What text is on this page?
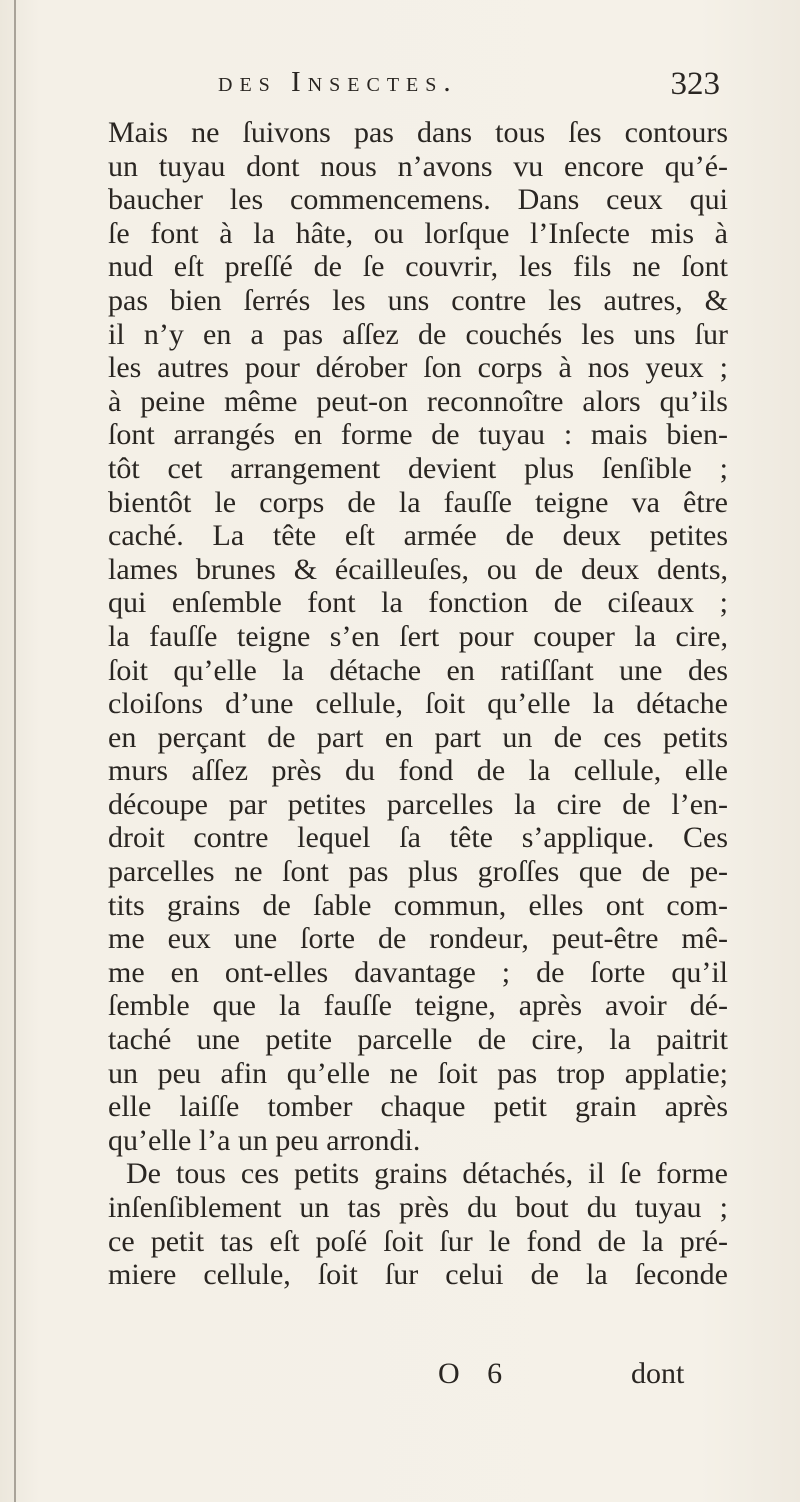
des Insectes.	323
Mais ne ſuivons pas dans tous ſes contours
un tuyau dont nous n’avons vu encore qu’é-
baucher les commencemens. Dans ceux qui
ſe font à la hâte, ou lorſque l’Inſecte mis à
nud eſt preſſé de ſe couvrir, les fils ne ſont
pas bien ſerrés les uns contre les autres, &
il n’y en a pas aſſez de couchés les uns ſur
les autres pour dérober ſon corps à nos yeux ;
à peine même peut-on reconnoître alors qu’ils
ſont arrangés en forme de tuyau : mais bien-
tôt cet arrangement devient plus ſenſible ;
bientôt le corps de la fauſſe teigne va être
caché. La tête eſt armée de deux petites
lames brunes & écailleuſes, ou de deux dents,
qui enſemble font la fonction de ciſeaux ;
la fauſſe teigne s’en ſert pour couper la cire,
ſoit qu’elle la détache en ratiſſant une des
cloiſons d’une cellule, ſoit qu’elle la détache
en perçant de part en part un de ces petits
murs aſſez près du fond de la cellule, elle
découpe par petites parcelles la cire de l’en-
droit contre lequel ſa tête s’applique. Ces
parcelles ne ſont pas plus groſſes que de pe-
tits grains de ſable commun, elles ont com-
me eux une ſorte de rondeur, peut-être mê-
me en ont-elles davantage ; de ſorte qu’il
ſemble que la fauſſe teigne, après avoir dé-
taché une petite parcelle de cire, la paitrit
un peu afin qu’elle ne ſoit pas trop applatie;
elle laiſſe tomber chaque petit grain après
qu’elle l’a un peu arrondi.
De tous ces petits grains détachés, il ſe forme
inſenſiblement un tas près du bout du tuyau ;
ce petit tas eſt poſé ſoit ſur le fond de la pré-
miere cellule, ſoit ſur celui de la ſeconde
O 6	dont
